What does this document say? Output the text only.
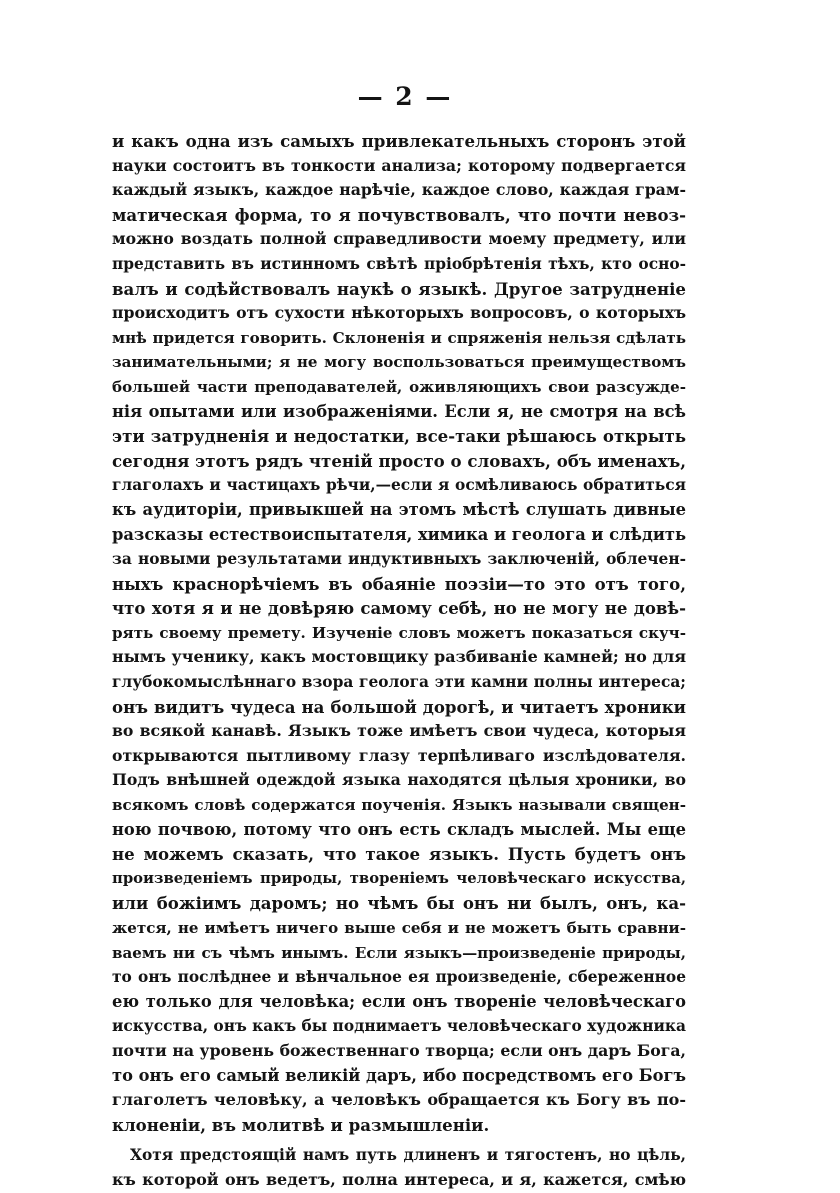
— 2 —
и какъ одна изъ самыхъ привлекательныхъ сторонъ этой
науки состоитъ въ тонкости анализа; которому подвергается
каждый языкъ, каждое нарѣчіе, каждое слово, каждая грам-
матическая форма, то я почувствовалъ, что почти невоз-
можно воздать полной справедливости моему предмету, или
представить въ истинномъ свѣтѣ пріобрѣтенія тѣхъ, кто осно-
валъ и содѣйствовалъ наукѣ о языкѣ. Другое затрудненіе
происходитъ отъ сухости нѣкоторыхъ вопросовъ, о которыхъ
мнѣ придется говорить. Склоненія и спряженія нельзя сдѣлать
занимательными; я не могу воспользоваться преимуществомъ
большей части преподавателей, оживляющихъ свои разсужде-
нія опытами или изображеніями. Если я, не смотря на всѣ
эти затрудненія и недостатки, все-таки рѣшаюсь открыть
сегодня этотъ рядъ чтеній просто о словахъ, объ именахъ,
глаголахъ и частицахъ рѣчи,—если я осмѣливаюсь обратиться
къ аудиторіи, привыкшей на этомъ мѣстѣ слушать дивные
разсказы естествоиспытателя, химика и геолога и слѣдить
за новыми результатами индуктивныхъ заключеній, облечен-
ныхъ краснорѣчіемъ въ обаяніе поэзіи—то это отъ того,
что хотя я и не довѣряю самому себѣ, но не могу не довѣ-
рять своему премету. Изученіе словъ можетъ показаться скуч-
нымъ ученику, какъ мостовщику разбиваніе камней; но для
глубокомыслѣннаго взора геолога эти камни полны интереса;
онъ видитъ чудеса на большой дорогѣ, и читаетъ хроники
во всякой канавѣ. Языкъ тоже имѣетъ свои чудеса, которыя
открываются пытливому глазу терпѣливаго изслѣдователя.
Подъ внѣшней одеждой языка находятся цѣлыя хроники, во
всякомъ словѣ содержатся поученія. Языкъ называли священ-
ною почвою, потому что онъ есть складъ мыслей. Мы еще
не можемъ сказать, что такое языкъ. Пусть будетъ онъ
произведеніемъ природы, твореніемъ человѣческаго искусства,
или божіимъ даромъ; но чѣмъ бы онъ ни былъ, онъ, ка-
жется, не имѣетъ ничего выше себя и не можетъ быть сравни-
ваемъ ни съ чѣмъ инымъ. Если языкъ—произведеніе природы,
то онъ послѣднее и вѣнчальное ея произведеніе, сбереженное
ею только для человѣка; если онъ твореніе человѣческаго
искусства, онъ какъ бы поднимаетъ человѣческаго художника
почти на уровень божественнаго творца; если онъ даръ Бога,
то онъ его самый великій даръ, ибо посредствомъ его Богъ
глаголетъ человѣку, а человѣкъ обращается къ Богу въ по-
клоненіи, въ молитвѣ и размышленіи.
Хотя предстоящій намъ путь длиненъ и тягостенъ, но цѣль,
къ которой онъ ведетъ, полна интереса, и я, кажется, смѣю
